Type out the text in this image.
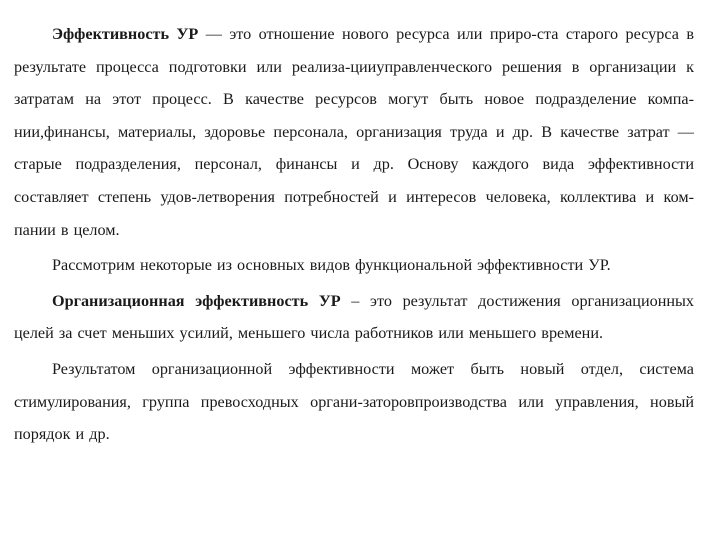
Эффективность УР — это отношение нового ресурса или приро-ста старого ресурса в результате процесса подготовки или реализа-цииуправленческого решения в организации к затратам на этот процесс. В качестве ресурсов могут быть новое подразделение компа-нии,финансы, материалы, здоровье персонала, организация труда и др. В качестве затрат — старые подразделения, персонал, финансы и др. Основу каждого вида эффективности составляет степень удов-летворения потребностей и интересов человека, коллектива и ком-пании в целом.

Рассмотрим некоторые из основных видов функциональной эффективности УР.

Организационная эффективность УР – это результат достижения организационных целей за счет меньших усилий, меньшего числа работников или меньшего времени.

Результатом организационной эффективности может быть новый отдел, система стимулирования, группа превосходных органи-заторовпроизводства или управления, новый порядок и др.
